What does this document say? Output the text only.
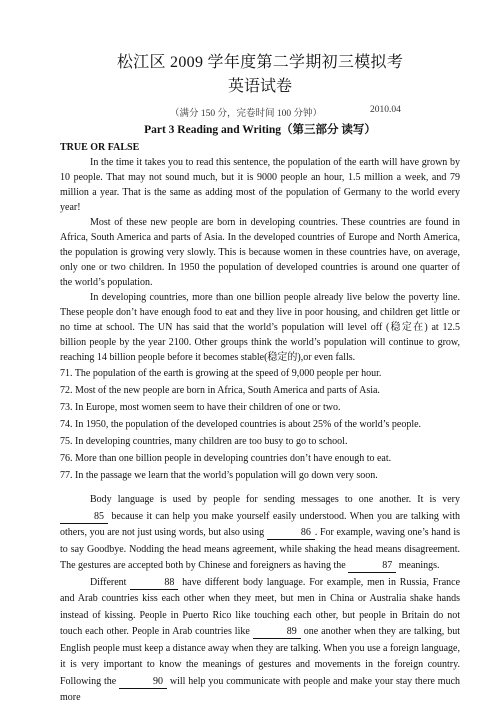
松江区 2009 学年度第二学期初三模拟考
英语试卷
（满分 150 分，完卷时间 100 分钟）	2010.04
Part 3 Reading and Writing（第三部分 读写）
TRUE OR FALSE

In the time it takes you to read this sentence, the population of the earth will have grown by 10 people. That may not sound much, but it is 9000 people an hour, 1.5 million a week, and 79 million a year. That is the same as adding most of the population of Germany to the world every year!

Most of these new people are born in developing countries. These countries are found in Africa, South America and parts of Asia. In the developed countries of Europe and North America, the population is growing very slowly. This is because women in these countries have, on average, only one or two children. In 1950 the population of developed countries is around one quarter of the world’s population.

In developing countries, more than one billion people already live below the poverty line. These people don’t have enough food to eat and they live in poor housing, and children get little or no time at school. The UN has said that the world’s population will level off (稳定在) at 12.5 billion people by the year 2100. Other groups think the world’s population will continue to grow, reaching 14 billion people before it becomes stable(稳定的),or even falls.

71. The population of the earth is growing at the speed of 9,000 people per hour.
72. Most of the new people are born in Africa, South America and parts of Asia.
73. In Europe, most women seem to have their children of one or two.
74. In 1950, the population of the developed countries is about 25% of the world’s people.
75. In developing countries, many children are too busy to go to school.
76. More than one billion people in developing countries don’t have enough to eat.
77. In the passage we learn that the world’s population will go down very soon.

Body language is used by people for sending messages to one another. It is very 85 because it can help you make yourself easily understood. When you are talking with others, you are not just using words, but also using	86 . For example, waving one’s hand is to say Goodbye. Nodding the head means agreement, while shaking the head means disagreement. The gestures are accepted both by Chinese and foreigners as having the	87 meanings.

Different	88 have different body language. For example, men in Russia, France and Arab countries kiss each other when they meet, but men in China or Australia shake hands instead of kissing. People in Puerto Rico like touching each other, but people in Britain do not touch each other. People in Arab countries like	89 one another when they are talking, but English people must keep a distance away when they are talking. When you use a foreign language, it is very important to know the meanings of gestures and movements in the foreign country. Following the	90 will help you communicate with people and make your stay there much more
